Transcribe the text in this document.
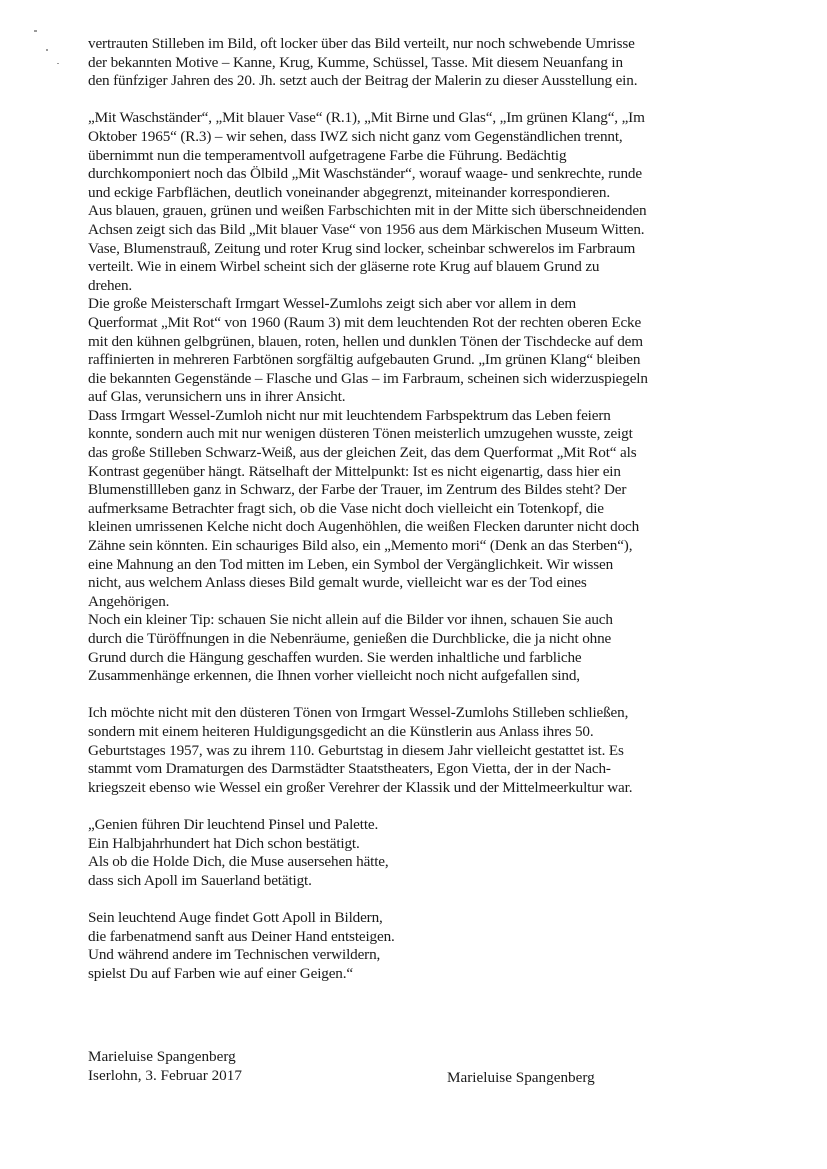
vertrauten Stilleben im Bild, oft locker über das Bild verteilt, nur noch schwebende Umrisse
der bekannten Motive – Kanne, Krug, Kumme, Schüssel, Tasse. Mit diesem Neuanfang in
den fünfziger Jahren des 20. Jh. setzt auch der Beitrag der Malerin zu dieser Ausstellung ein.
„Mit Waschständer“, „Mit blauer Vase“ (R.1), „Mit Birne und Glas“, „Im grünen Klang“, „Im
Oktober 1965“ (R.3) – wir sehen, dass IWZ sich nicht ganz vom Gegenständlichen trennt,
übernimmt nun die temperamentvoll aufgetragene Farbe die Führung. Bedächtig
durchkomponiert noch das Ölbild „Mit Waschständer“, worauf waage- und senkrechte, runde
und eckige Farbflächen, deutlich voneinander abgegrenzt, miteinander korrespondieren.
Aus blauen, grauen, grünen und weißen Farbschichten mit in der Mitte sich überschneidenden
Achsen zeigt sich das Bild „Mit blauer Vase“ von 1956 aus dem Märkischen Museum Witten.
Vase, Blumenstrauß, Zeitung und roter Krug sind locker, scheinbar schwerelos im Farbraum
verteilt. Wie in einem Wirbel scheint sich der gläserne rote Krug auf blauem Grund zu
drehen.
Die große Meisterschaft Irmgart Wessel-Zumlohs zeigt sich aber vor allem in dem
Querformat „Mit Rot“ von 1960 (Raum 3) mit dem leuchtenden Rot der rechten oberen Ecke
mit den kühnen gelbgrünen, blauen, roten, hellen und dunklen Tönen der Tischdecke auf dem
raffinierten in mehreren Farbtönen sorgfältig aufgebauten Grund. „Im grünen Klang“ bleiben
die bekannten Gegenstände – Flasche und Glas – im Farbraum, scheinen sich widerzuspiegeln
auf Glas, verunsichern uns in ihrer Ansicht.
Dass Irmgart Wessel-Zumloh nicht nur mit leuchtendem Farbspektrum das Leben feiern
konnte, sondern auch mit nur wenigen düsteren Tönen meisterlich umzugehen wusste, zeigt
das große Stilleben Schwarz-Weiß, aus der gleichen Zeit, das dem Querformat „Mit Rot“ als
Kontrast gegenüber hängt. Rätselhaft der Mittelpunkt: Ist es nicht eigenartig, dass hier ein
Blumenstillleben ganz in Schwarz, der Farbe der Trauer, im Zentrum des Bildes steht? Der
aufmerksame Betrachter fragt sich, ob die Vase nicht doch vielleicht ein Totenkopf, die
kleinen umrissenen Kelche nicht doch Augenhöhlen, die weißen Flecken darunter nicht doch
Zähne sein könnten. Ein schauriges Bild also, ein „Memento mori“ (Denk an das Sterben“),
eine Mahnung an den Tod mitten im Leben, ein Symbol der Vergänglichkeit. Wir wissen
nicht, aus welchem Anlass dieses Bild gemalt wurde, vielleicht war es der Tod eines
Angehörigen.
Noch ein kleiner Tip: schauen Sie nicht allein auf die Bilder vor ihnen, schauen Sie auch
durch die Türöffnungen in die Nebenräume, genießen die Durchblicke, die ja nicht ohne
Grund durch die Hängung geschaffen wurden. Sie werden inhaltliche und farbliche
Zusammenhänge erkennen, die Ihnen vorher vielleicht noch nicht aufgefallen sind,
Ich möchte nicht mit den düsteren Tönen von Irmgart Wessel-Zumlohs Stilleben schließen,
sondern mit einem heiteren Huldigungsgedicht an die Künstlerin aus Anlass ihres 50.
Geburtstages 1957, was zu ihrem 110. Geburtstag in diesem Jahr vielleicht gestattet ist. Es
stammt vom Dramaturgen des Darmstädter Staatstheaters, Egon Vietta, der in der Nach-
kriegszeit ebenso wie Wessel ein großer Verehrer der Klassik und der Mittelmeerkultur war.
„Genien führen Dir leuchtend Pinsel und Palette.
Ein Halbjahrhundert hat Dich schon bestätigt.
Als ob die Holde Dich, die Muse ausersehen hätte,
dass sich Apoll im Sauerland betätigt.
Sein leuchtend Auge findet Gott Apoll in Bildern,
die farbenatmend sanft aus Deiner Hand entsteigen.
Und während andere im Technischen verwildern,
spielst Du auf Farben wie auf einer Geigen.“
Marieluise Spangenberg
Iserlohn, 3. Februar 2017	Marieluise Spangenberg
